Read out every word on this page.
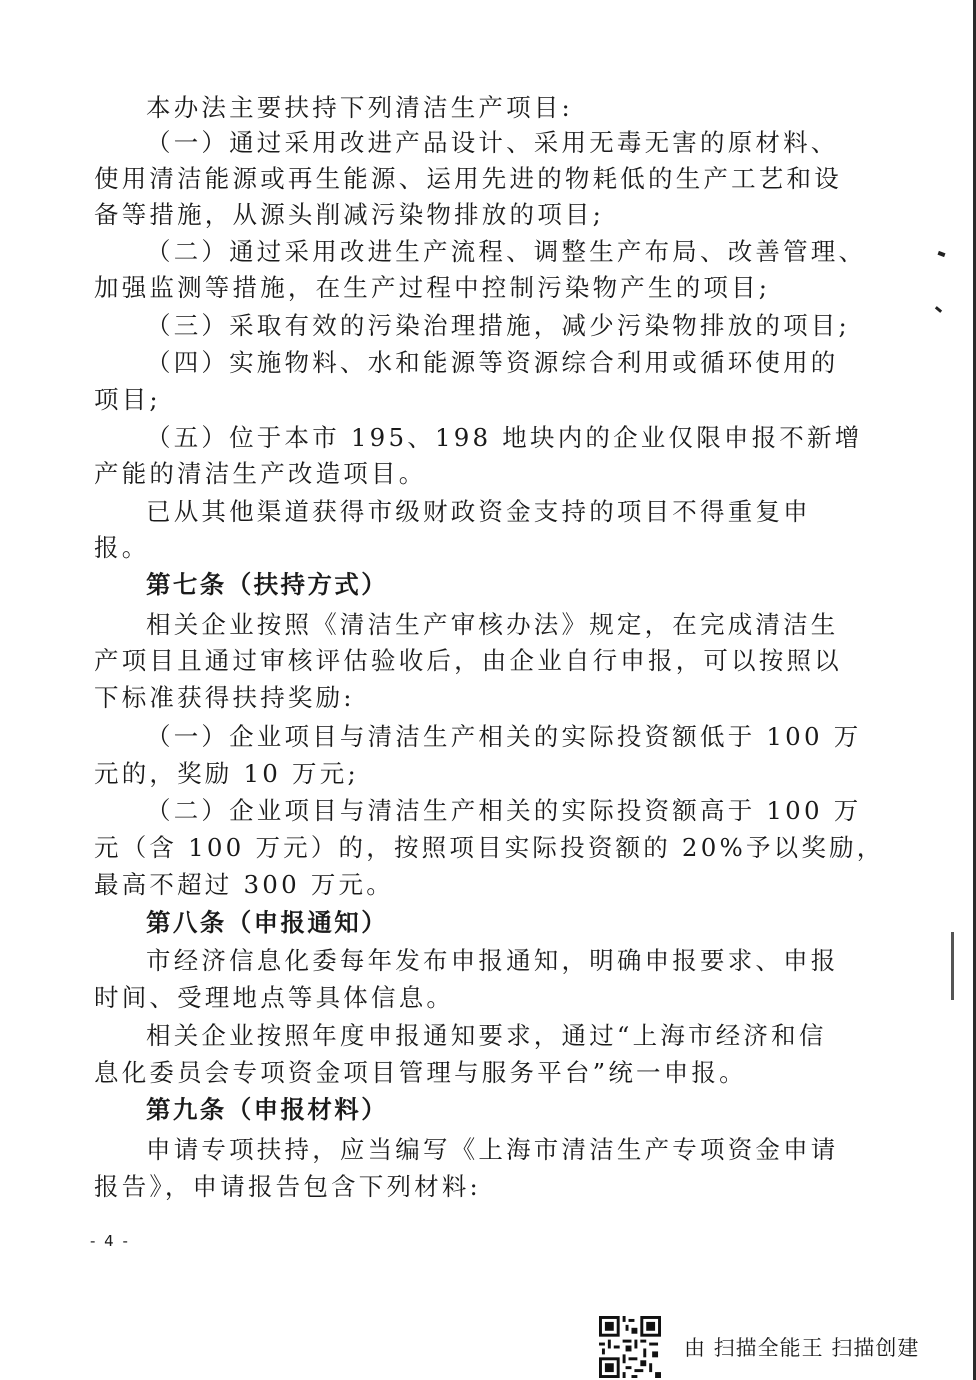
本办法主要扶持下列清洁生产项目:
（一）通过采用改进产品设计、采用无毒无害的原材料、
使用清洁能源或再生能源、运用先进的物耗低的生产工艺和设
备等措施，从源头削减污染物排放的项目;
（二）通过采用改进生产流程、调整生产布局、改善管理、
加强监测等措施，在生产过程中控制污染物产生的项目;
（三）采取有效的污染治理措施，减少污染物排放的项目;
（四）实施物料、水和能源等资源综合利用或循环使用的
项目;
（五）位于本市 195、198 地块内的企业仅限申报不新增
产能的清洁生产改造项目。
已从其他渠道获得市级财政资金支持的项目不得重复申
报。
第七条（扶持方式）
相关企业按照《清洁生产审核办法》规定，在完成清洁生
产项目且通过审核评估验收后，由企业自行申报，可以按照以
下标准获得扶持奖励:
（一）企业项目与清洁生产相关的实际投资额低于 100 万
元的，奖励 10 万元;
（二）企业项目与清洁生产相关的实际投资额高于 100 万
元（含 100 万元）的，按照项目实际投资额的 20%予以奖励，
最高不超过 300 万元。
第八条（申报通知）
市经济信息化委每年发布申报通知，明确申报要求、申报
时间、受理地点等具体信息。
相关企业按照年度申报通知要求，通过“上海市经济和信
息化委员会专项资金项目管理与服务平台”统一申报。
第九条（申报材料）
申请专项扶持，应当编写《上海市清洁生产专项资金申请
报告》，申请报告包含下列材料:
- 4 -
由 扫描全能王 扫描创建
